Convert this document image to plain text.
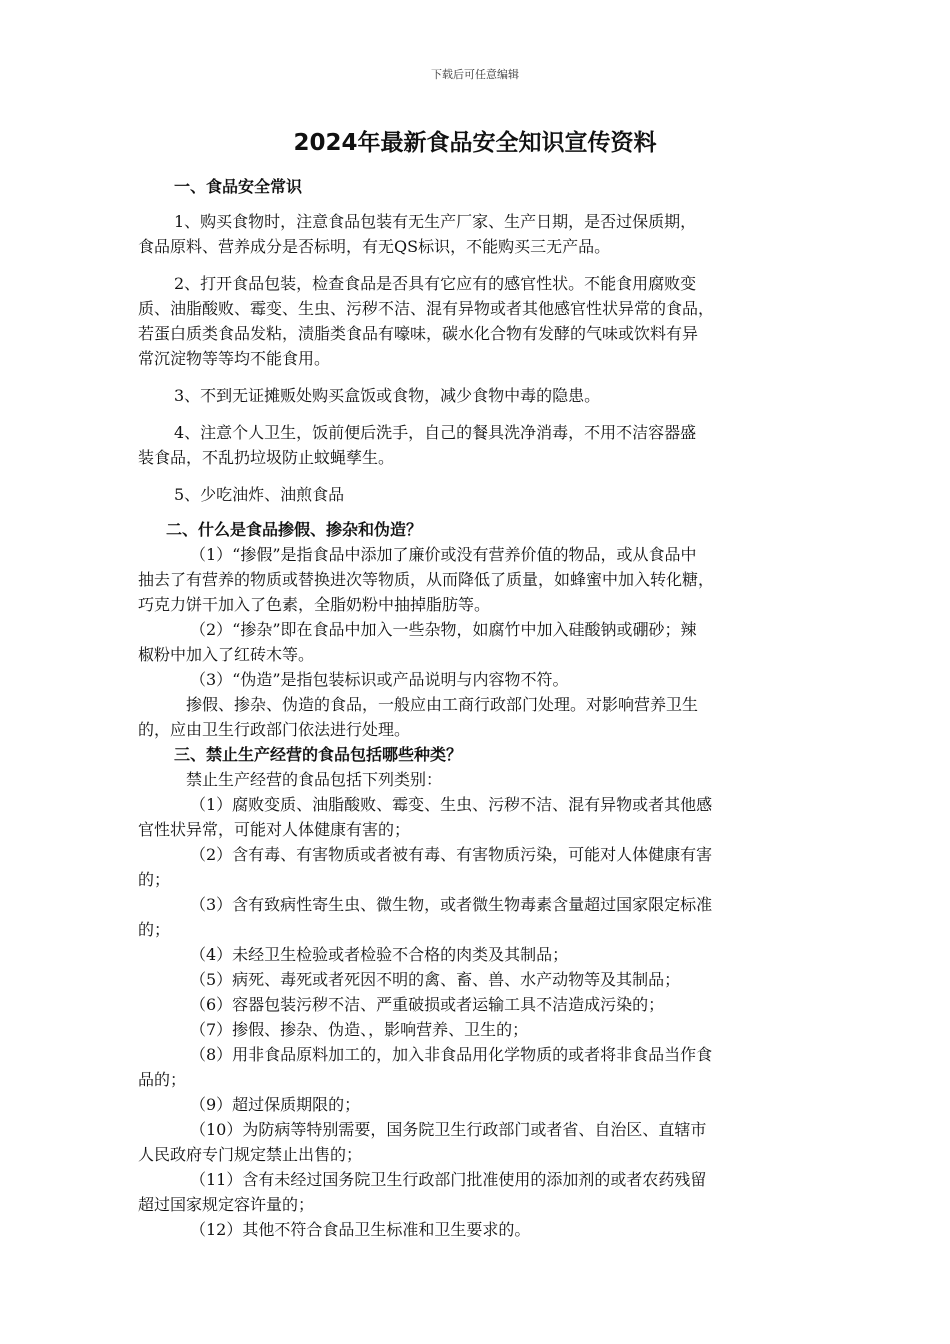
下载后可任意编辑
2024年最新食品安全知识宣传资料
一、食品安全常识
1、购买食物时，注意食品包装有无生产厂家、生产日期，是否过保质期，
食品原料、营养成分是否标明，有无QS标识，不能购买三无产品。
2、打开食品包装，检查食品是否具有它应有的感官性状。不能食用腐败变
质、油脂酸败、霉变、生虫、污秽不洁、混有异物或者其他感官性状异常的食品，
若蛋白质类食品发粘，渍脂类食品有嚎味，碳水化合物有发酵的气味或饮料有异
常沉淀物等等均不能食用。
3、不到无证摊贩处购买盒饭或食物，减少食物中毒的隐患。
4、注意个人卫生，饭前便后洗手，自己的餐具洗净消毒，不用不洁容器盛
装食品，不乱扔垃圾防止蚊蝇孳生。
5、少吃油炸、油煎食品
二、什么是食品掺假、掺杂和伪造？
（1）“掺假”是指食品中添加了廉价或没有营养价值的物品，或从食品中
抽去了有营养的物质或替换进次等物质，从而降低了质量，如蜂蜜中加入转化糖，
巧克力饼干加入了色素，全脂奶粉中抽掉脂肪等。
（2）“掺杂”即在食品中加入一些杂物，如腐竹中加入硅酸钠或硼砂；辣
椒粉中加入了红砖木等。
（3）“伪造”是指包装标识或产品说明与内容物不符。
掺假、掺杂、伪造的食品，一般应由工商行政部门处理。对影响营养卫生
的，应由卫生行政部门依法进行处理。
三、禁止生产经营的食品包括哪些种类？
禁止生产经营的食品包括下列类别：
（1）腐败变质、油脂酸败、霉变、生虫、污秽不洁、混有异物或者其他感
官性状异常，可能对人体健康有害的；
（2）含有毒、有害物质或者被有毒、有害物质污染，可能对人体健康有害
的；
（3）含有致病性寄生虫、微生物，或者微生物毒素含量超过国家限定标准
的；
（4）未经卫生检验或者检验不合格的肉类及其制品；
（5）病死、毒死或者死因不明的禽、畜、兽、水产动物等及其制品；
（6）容器包装污秽不洁、严重破损或者运输工具不洁造成污染的；
（7）掺假、掺杂、伪造、，影响营养、卫生的；
（8）用非食品原料加工的，加入非食品用化学物质的或者将非食品当作食
品的；
（9）超过保质期限的；
（10）为防病等特别需要，国务院卫生行政部门或者省、自治区、直辖市
人民政府专门规定禁止出售的；
（11）含有未经过国务院卫生行政部门批准使用的添加剂的或者农药残留
超过国家规定容许量的；
（12）其他不符合食品卫生标准和卫生要求的。
